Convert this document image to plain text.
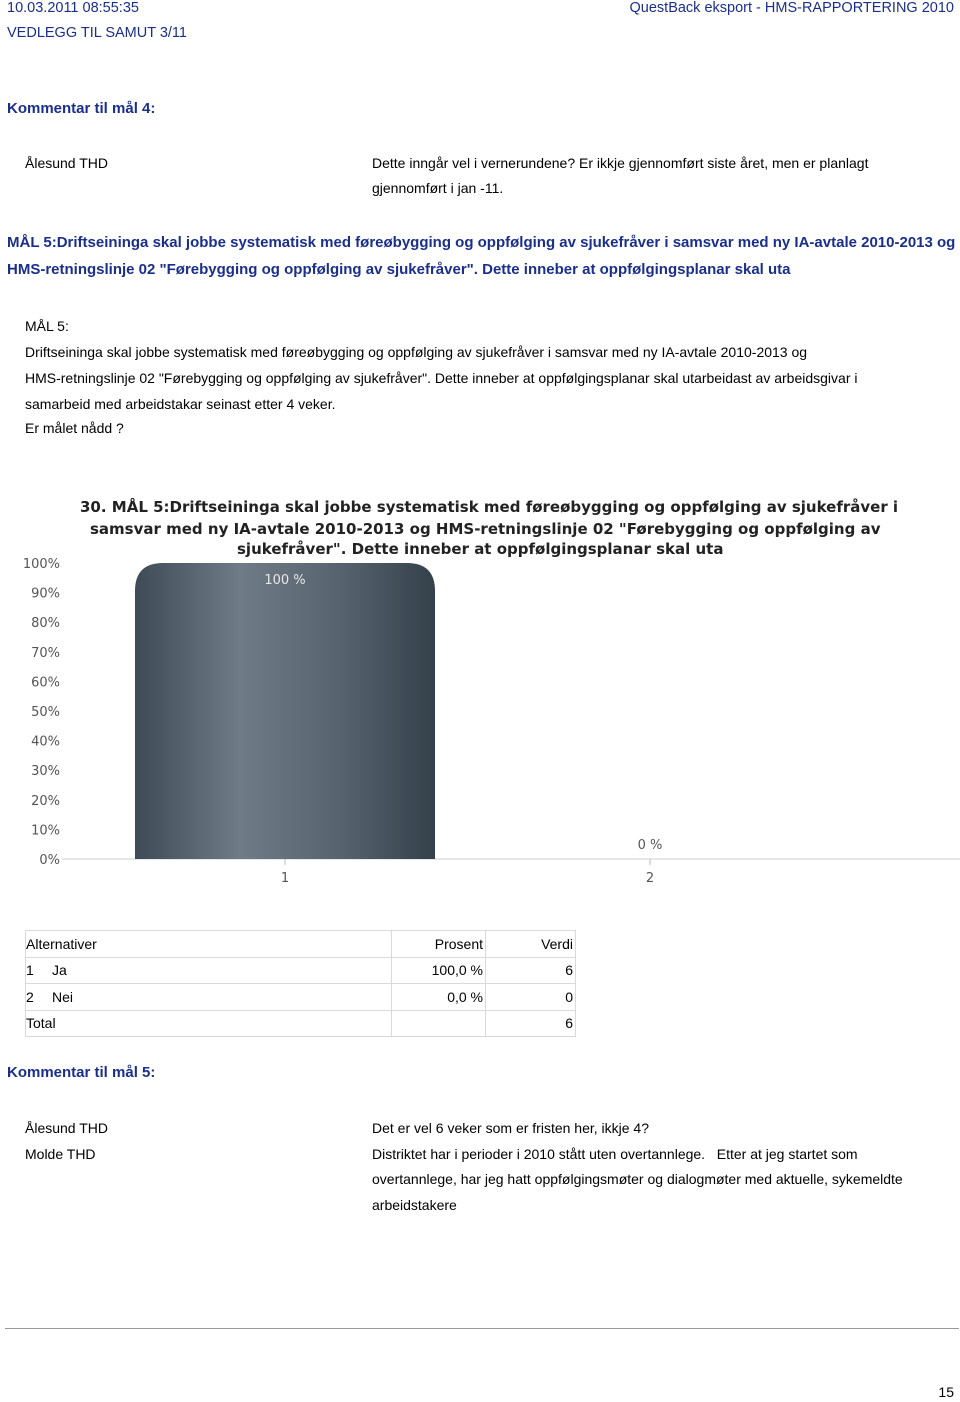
10.03.2011 08:55:35	QuestBack eksport - HMS-RAPPORTERING 2010
VEDLEGG TIL SAMUT 3/11
Kommentar til mål 4:
Ålesund THD	Dette inngår vel i vernerundene? Er ikkje gjennomført siste året, men er planlagt
gjennomført i jan -11.
MÅL 5:Driftseininga skal jobbe systematisk med føreøbygging og oppfølging av sjukefråver i samsvar med ny IA-avtale 2010-2013 og HMS-retningslinje 02 "Førebygging og oppfølging av sjukefråver". Dette inneber at oppfølgingsplanar skal uta
MÅL 5:
Driftseininga skal jobbe systematisk med føreøbygging og oppfølging av sjukefråver i samsvar med ny IA-avtale 2010-2013 og
HMS-retningslinje 02 "Førebygging og oppfølging av sjukefråver". Dette inneber at oppfølgingsplanar skal utarbeidast av arbeidsgivar i
samarbeid med arbeidstakar seinast etter 4 veker.
Er målet nådd ?
30. MÅL 5:Driftseininga skal jobbe systematisk med føreøbygging og oppfølging av sjukefråver i
samsvar med ny IA-avtale 2010-2013 og HMS-retningslinje 02 "Førebygging og oppfølging av
sjukefråver". Dette inneber at oppfølgingsplanar skal uta
0%
10%
20%
30%
40%
50%
60%
70%
80%
90%
100%
100 %
0 %
1	2
Alternativer	Prosent	Verdi
1 Ja	100,0 %	6
2 Nei	0,0 %	0
Total		6
Kommentar til mål 5:
Ålesund THD	Det er vel 6 veker som er fristen her, ikkje 4?
Molde THD	Distriktet har i perioder i 2010 stått uten overtannlege.   Etter at jeg startet som
overtannlege, har jeg hatt oppfølgingsmøter og dialogmøter med aktuelle, sykemeldte
arbeidstakere
15
